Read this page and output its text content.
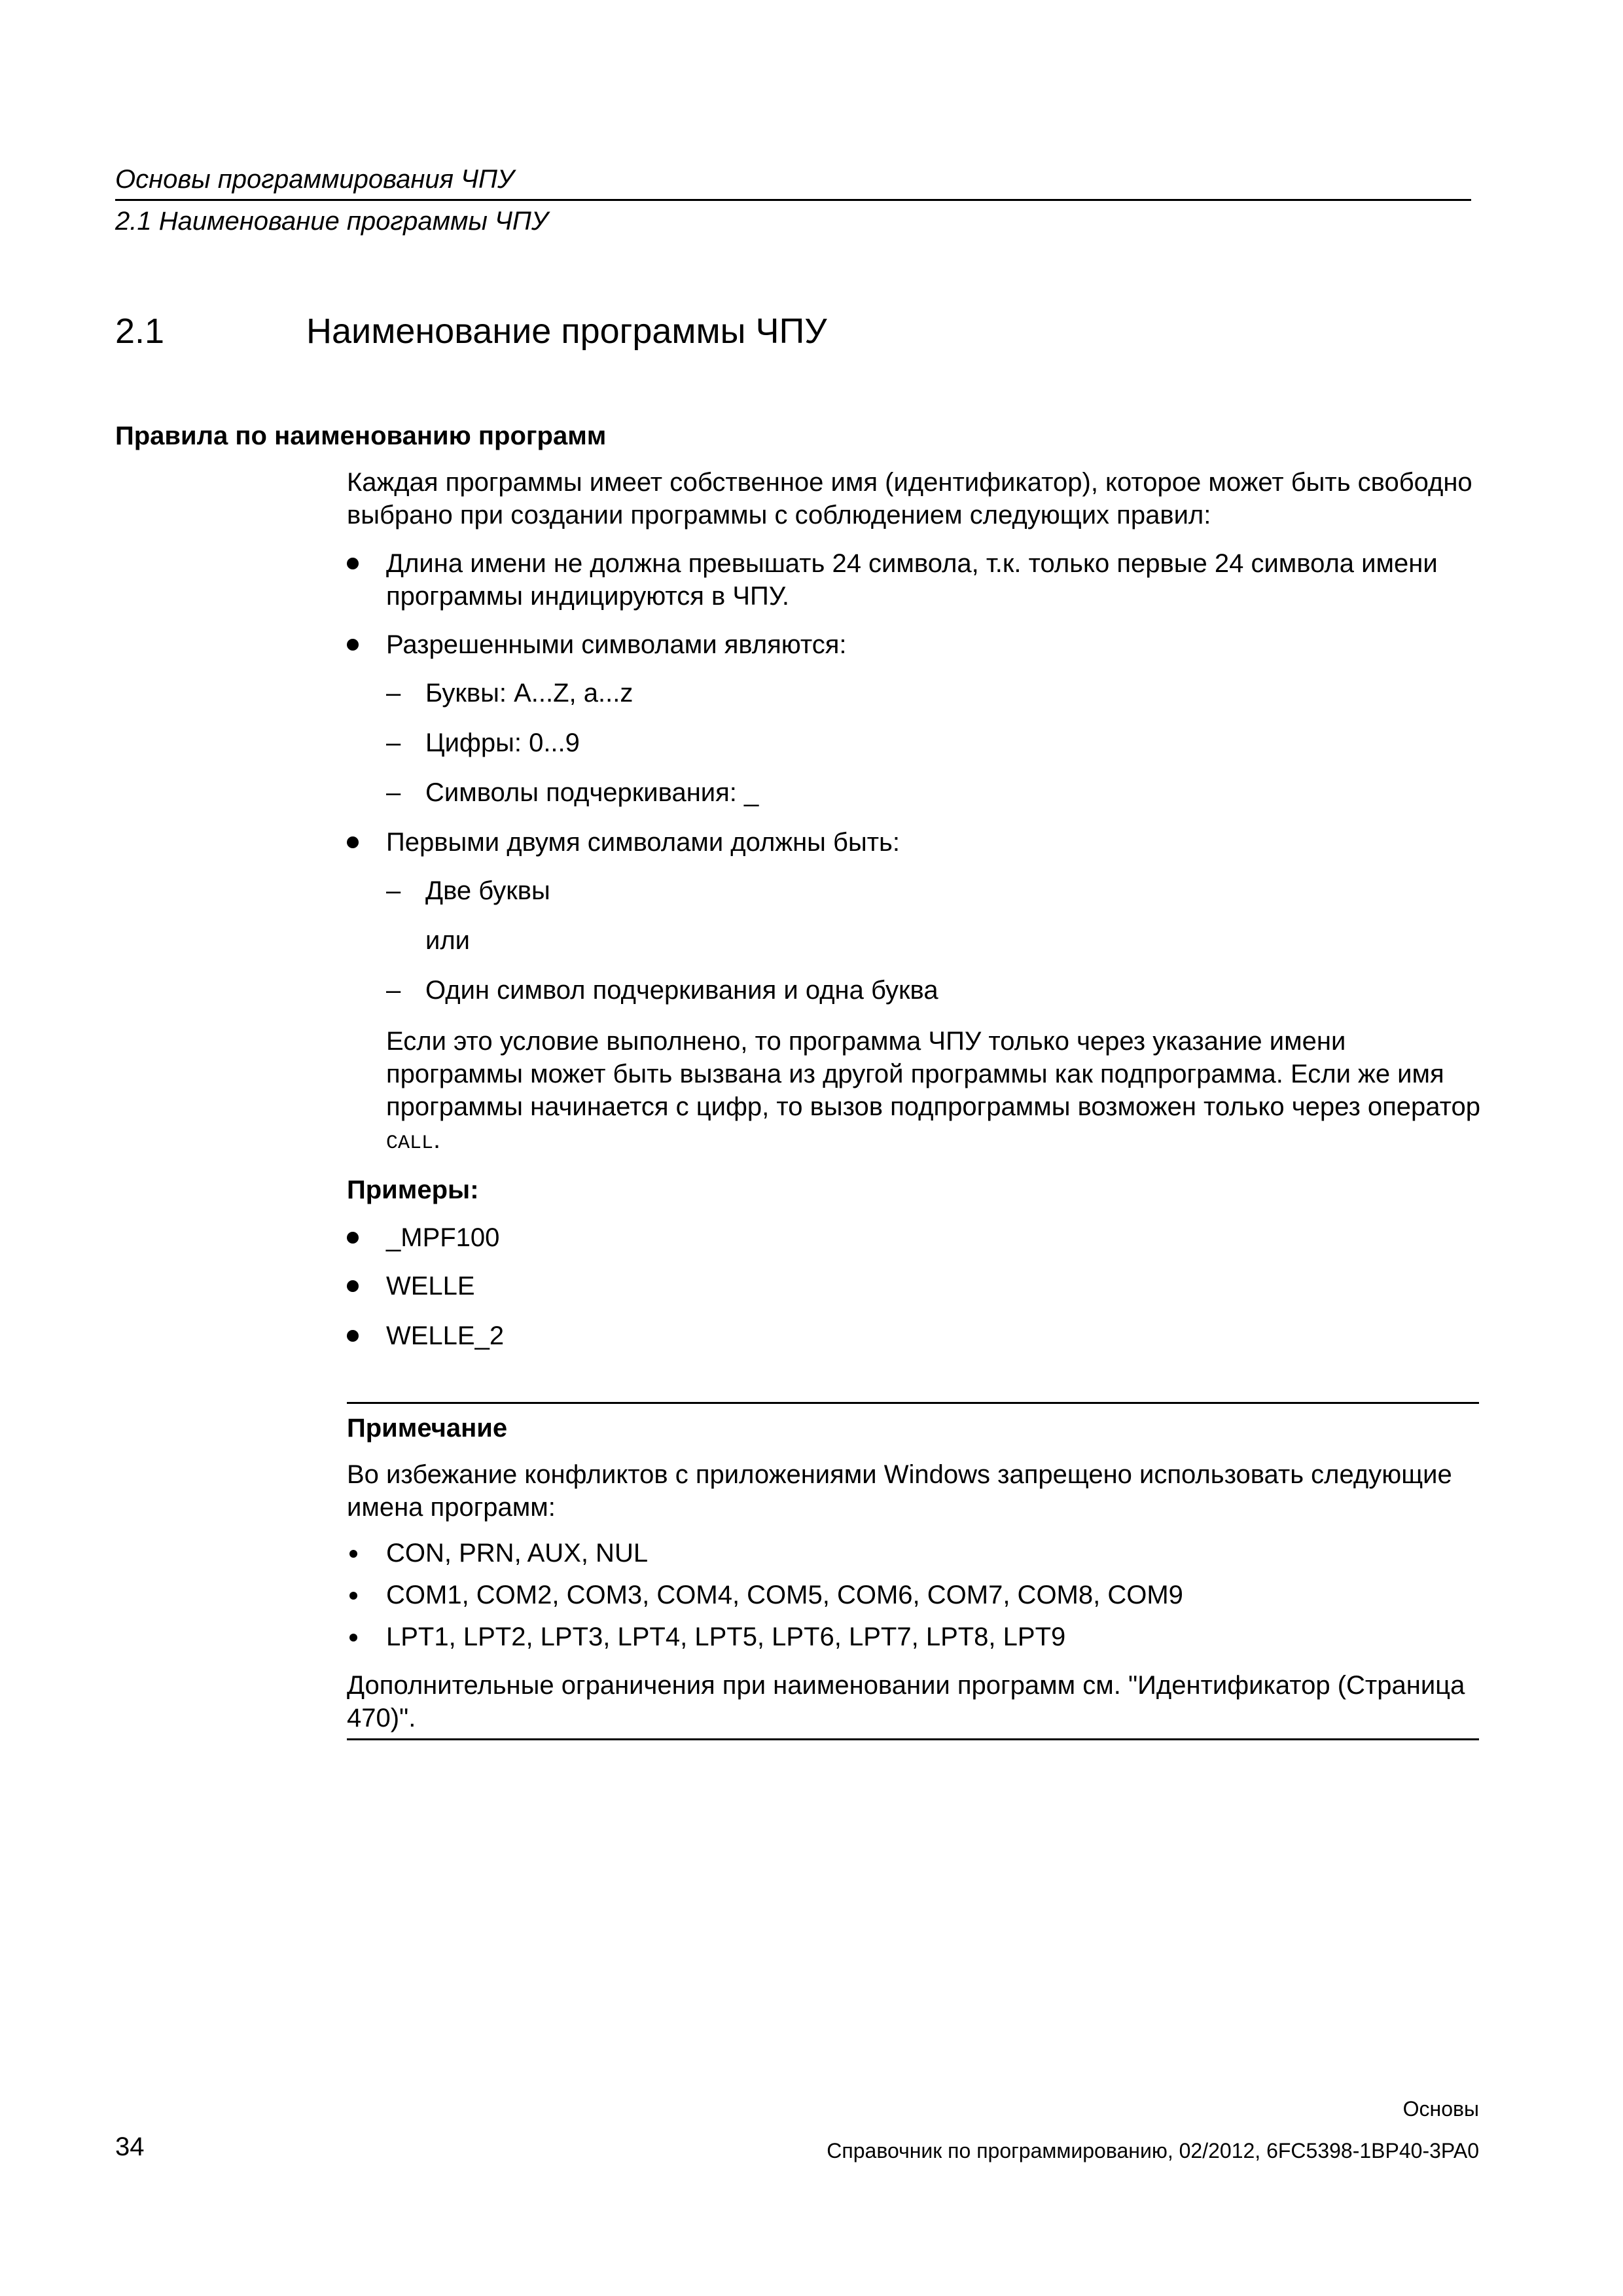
Основы программирования ЧПУ
2.1 Наименование программы ЧПУ
2.1	Наименование программы ЧПУ
Правила по наименованию программ
Каждая программы имеет собственное имя (идентификатор), которое может быть свободно выбрано при создании программы с соблюдением следующих правил:
Длина имени не должна превышать 24 символа, т.к. только первые 24 символа имени программы индицируются в ЧПУ.
Разрешенными символами являются:
– Буквы: A...Z, a...z
– Цифры: 0...9
– Символы подчеркивания: _
Первыми двумя символами должны быть:
– Две буквы
или
– Один символ подчеркивания и одна буква
Если это условие выполнено, то программа ЧПУ только через указание имени программы может быть вызвана из другой программы как подпрограмма. Если же имя программы начинается с цифр, то вызов подпрограммы возможен только через оператор CALL.
Примеры:
_MPF100
WELLE
WELLE_2
Примечание
Во избежание конфликтов с приложениями Windows запрещено использовать следующие имена программ:
CON, PRN, AUX, NUL
COM1, COM2, COM3, COM4, COM5, COM6, COM7, COM8, COM9
LPT1, LPT2, LPT3, LPT4, LPT5, LPT6, LPT7, LPT8, LPT9
Дополнительные ограничения при наименовании программ см. "Идентификатор (Страница 470)".
Основы
34	Справочник по программированию, 02/2012, 6FC5398-1BP40-3PA0
